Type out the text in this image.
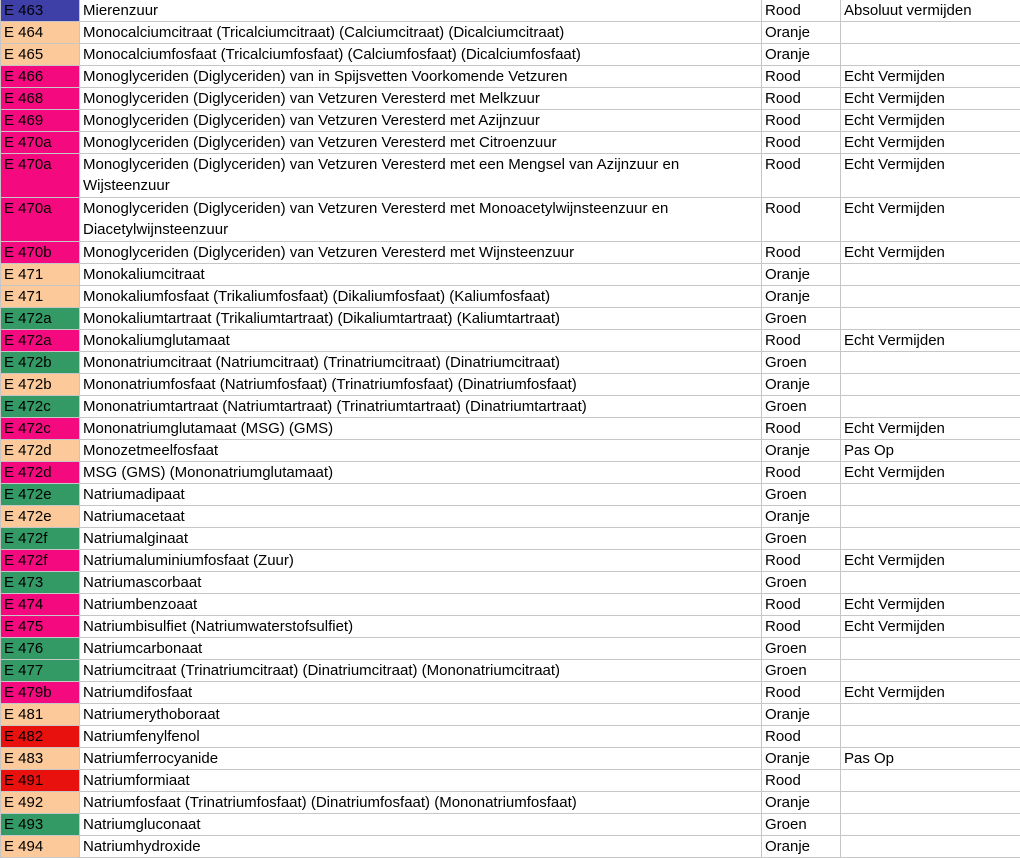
E 463	Mierenzuur	Rood	Absoluut vermijden
E 464	Monocalciumcitraat (Tricalciumcitraat) (Calciumcitraat) (Dicalciumcitraat)	Oranje	
E 465	Monocalciumfosfaat (Tricalciumfosfaat) (Calciumfosfaat) (Dicalciumfosfaat)	Oranje	
E 466	Monoglyceriden (Diglyceriden) van in Spijsvetten Voorkomende Vetzuren	Rood	Echt Vermijden
E 468	Monoglyceriden (Diglyceriden) van Vetzuren Veresterd met Melkzuur	Rood	Echt Vermijden
E 469	Monoglyceriden (Diglyceriden) van Vetzuren Veresterd met Azijnzuur	Rood	Echt Vermijden
E 470a	Monoglyceriden (Diglyceriden) van Vetzuren Veresterd met Citroenzuur	Rood	Echt Vermijden
E 470a	Monoglyceriden (Diglyceriden) van Vetzuren Veresterd met een Mengsel van Azijnzuur en Wijsteenzuur	Rood	Echt Vermijden
E 470a	Monoglyceriden (Diglyceriden) van Vetzuren Veresterd met Monoacetylwijnsteenzuur en Diacetylwijnsteenzuur	Rood	Echt Vermijden
E 470b	Monoglyceriden (Diglyceriden) van Vetzuren Veresterd met Wijnsteenzuur	Rood	Echt Vermijden
E 471	Monokaliumcitraat	Oranje	
E 471	Monokaliumfosfaat (Trikaliumfosfaat) (Dikaliumfosfaat) (Kaliumfosfaat)	Oranje	
E 472a	Monokaliumtartraat (Trikaliumtartraat) (Dikaliumtartraat) (Kaliumtartraat)	Groen	
E 472a	Monokaliumglutamaat	Rood	Echt Vermijden
E 472b	Mononatriumcitraat (Natriumcitraat) (Trinatriumcitraat) (Dinatriumcitraat)	Groen	
E 472b	Mononatriumfosfaat (Natriumfosfaat) (Trinatriumfosfaat) (Dinatriumfosfaat)	Oranje	
E 472c	Mononatriumtartraat (Natriumtartraat) (Trinatriumtartraat) (Dinatriumtartraat)	Groen	
E 472c	Mononatriumglutamaat (MSG) (GMS)	Rood	Echt Vermijden
E 472d	Monozetmeelfosfaat	Oranje	Pas Op
E 472d	MSG (GMS) (Mononatriumglutamaat)	Rood	Echt Vermijden
E 472e	Natriumadipaat	Groen	
E 472e	Natriumacetaat	Oranje	
E 472f	Natriumalginaat	Groen	
E 472f	Natriumaluminiumfosfaat (Zuur)	Rood	Echt Vermijden
E 473	Natriumascorbaat	Groen	
E 474	Natriumbenzoaat	Rood	Echt Vermijden
E 475	Natriumbisulfiet (Natriumwaterstofsulfiet)	Rood	Echt Vermijden
E 476	Natriumcarbonaat	Groen	
E 477	Natriumcitraat (Trinatriumcitraat) (Dinatriumcitraat) (Mononatriumcitraat)	Groen	
E 479b	Natriumdifosfaat	Rood	Echt Vermijden
E 481	Natriumerythoboraat	Oranje	
E 482	Natriumfenylfenol	Rood	
E 483	Natriumferrocyanide	Oranje	Pas Op
E 491	Natriumformiaat	Rood	
E 492	Natriumfosfaat (Trinatriumfosfaat) (Dinatriumfosfaat) (Mononatriumfosfaat)	Oranje	
E 493	Natriumgluconaat	Groen	
E 494	Natriumhydroxide	Oranje	
